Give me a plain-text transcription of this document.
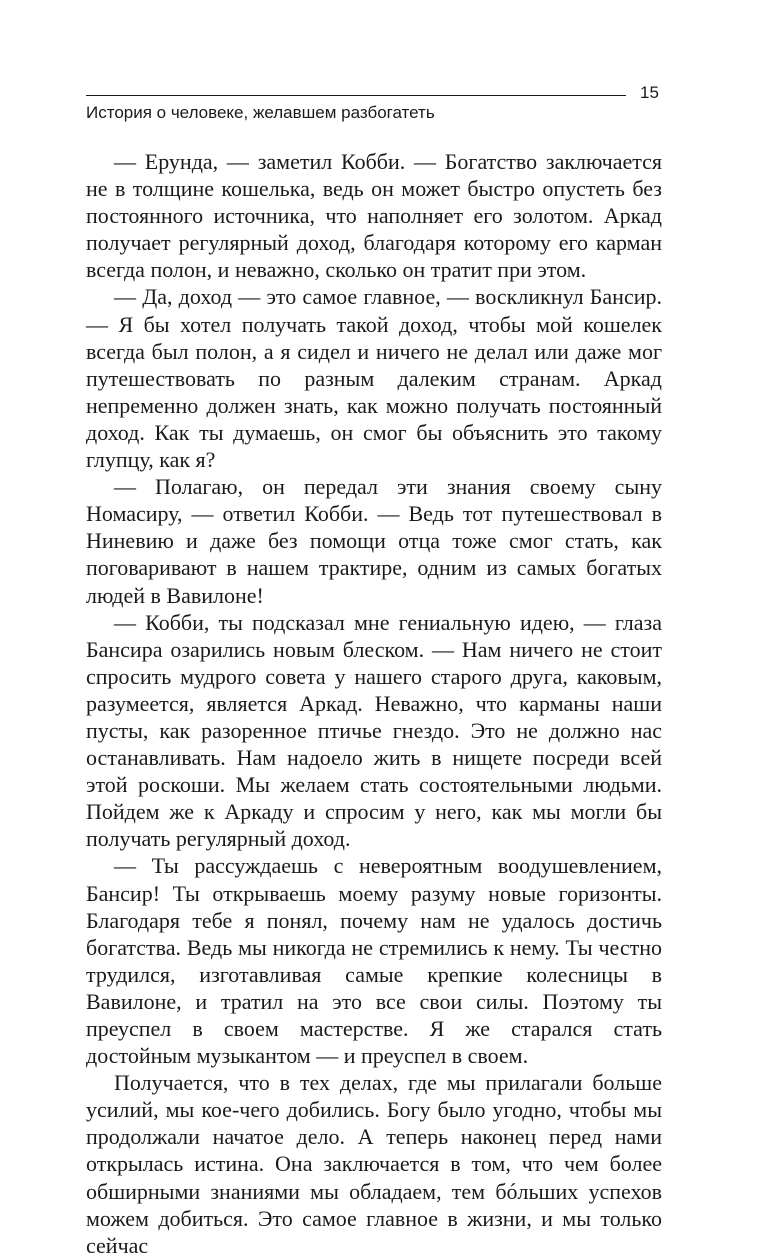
15
История о человеке, желавшем разбогатеть

— Ерунда, — заметил Кобби. — Богатство заключается не в толщине кошелька, ведь он может быстро опустеть без постоянного источника, что наполняет его золотом. Аркад получает регулярный доход, благодаря которому его карман всегда полон, и неважно, сколько он тратит при этом.

— Да, доход — это самое главное, — воскликнул Бансир. — Я бы хотел получать такой доход, чтобы мой кошелек всегда был полон, а я сидел и ничего не делал или даже мог путешествовать по разным далеким странам. Аркад непременно должен знать, как можно получать постоянный доход. Как ты думаешь, он смог бы объяснить это такому глупцу, как я?

— Полагаю, он передал эти знания своему сыну Номасиру, — ответил Кобби. — Ведь тот путешествовал в Ниневию и даже без помощи отца тоже смог стать, как поговаривают в нашем трактире, одним из самых богатых людей в Вавилоне!

— Кобби, ты подсказал мне гениальную идею, — глаза Бансира озарились новым блеском. — Нам ничего не стоит спросить мудрого совета у нашего старого друга, каковым, разумеется, является Аркад. Неважно, что карманы наши пусты, как разоренное птичье гнездо. Это не должно нас останавливать. Нам надоело жить в нищете посреди всей этой роскоши. Мы желаем стать состоятельными людьми. Пойдем же к Аркаду и спросим у него, как мы могли бы получать регулярный доход.

— Ты рассуждаешь с невероятным воодушевлением, Бансир! Ты открываешь моему разуму новые горизонты. Благодаря тебе я понял, почему нам не удалось достичь богатства. Ведь мы никогда не стремились к нему. Ты честно трудился, изготавливая самые крепкие колесницы в Вавилоне, и тратил на это все свои силы. Поэтому ты преуспел в своем мастерстве. Я же старался стать достойным музыкантом — и преуспел в своем.

Получается, что в тех делах, где мы прилагали больше усилий, мы кое-чего добились. Богу было угодно, чтобы мы продолжали начатое дело. А теперь наконец перед нами открылась истина. Она заключается в том, что чем более обширными знаниями мы обладаем, тем бóльших успехов можем добиться. Это самое главное в жизни, и мы только сейчас
